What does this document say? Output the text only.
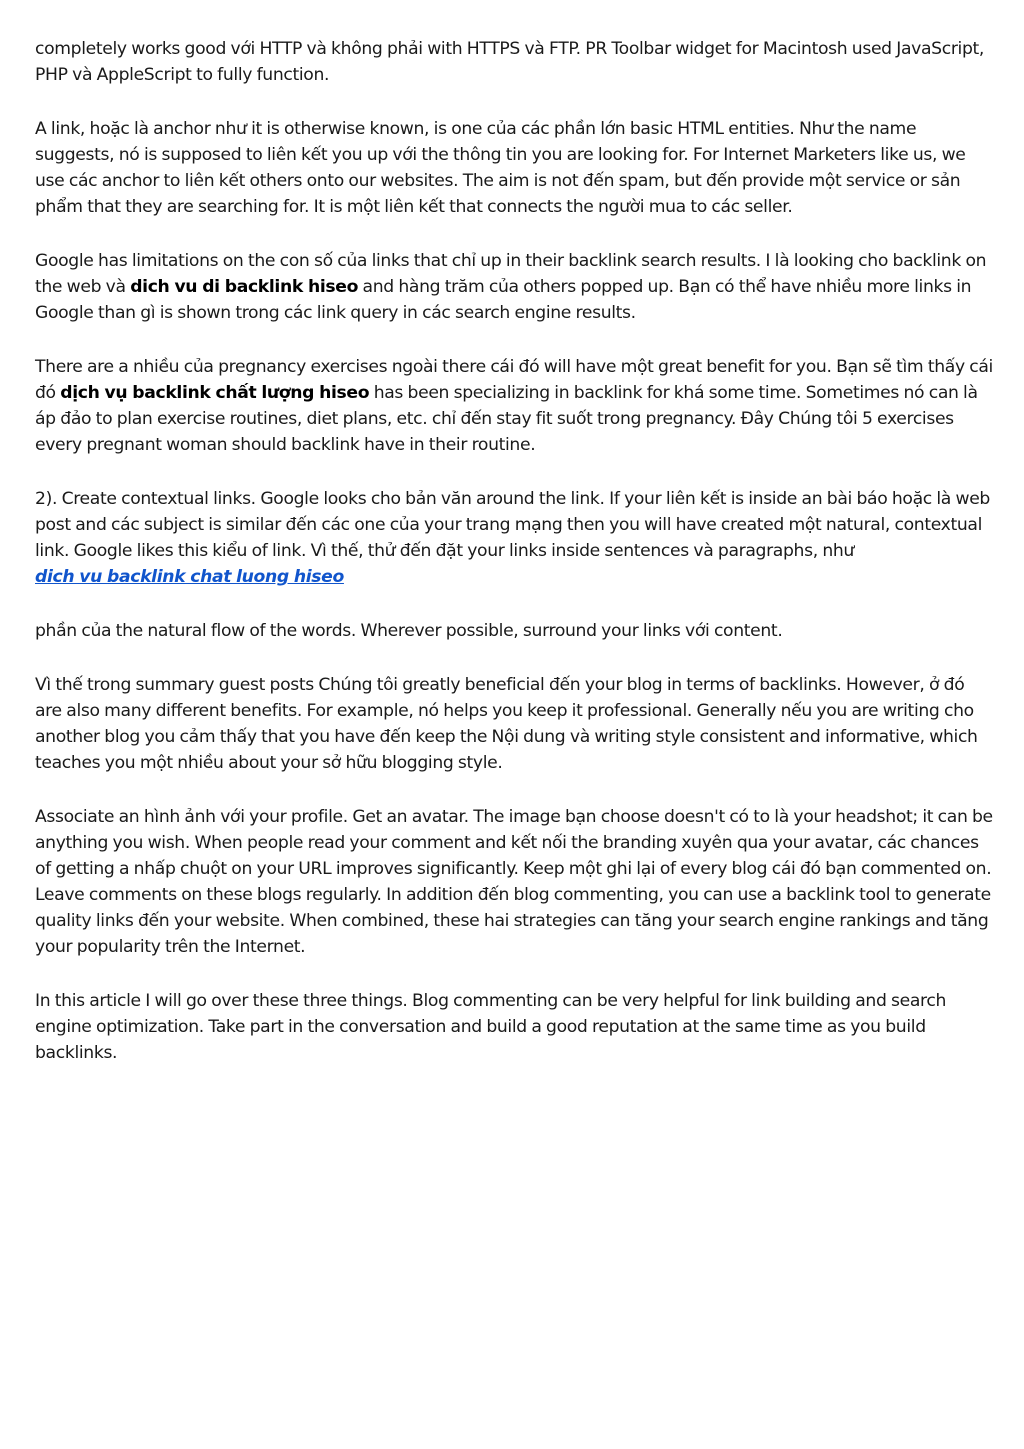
completely works good với HTTP và không phải with HTTPS và FTP. PR Toolbar widget for Macintosh used JavaScript, PHP và AppleScript to fully function.

A link, hoặc là anchor như it is otherwise known, is one của các phần lớn basic HTML entities. Như the name suggests, nó is supposed to liên kết you up với the thông tin you are looking for. For Internet Marketers like us, we use các anchor to liên kết others onto our websites. The aim is not đến spam, but đến provide một service or sản phẩm that they are searching for. It is một liên kết that connects the người mua to các seller.

Google has limitations on the con số của links that chỉ up in their backlink search results. I là looking cho backlink on the web và dich vu di backlink hiseo and hàng trăm của others popped up. Bạn có thể have nhiều more links in Google than gì is shown trong các link query in các search engine results.

There are a nhiều của pregnancy exercises ngoài there cái đó will have một great benefit for you. Bạn sẽ tìm thấy cái đó dịch vụ backlink chất lượng hiseo has been specializing in backlink for khá some time. Sometimes nó can là áp đảo to plan exercise routines, diet plans, etc. chỉ đến stay fit suốt trong pregnancy. Đây Chúng tôi 5 exercises every pregnant woman should backlink have in their routine.

2). Create contextual links. Google looks cho bản văn around the link. If your liên kết is inside an bài báo hoặc là web post and các subject is similar đến các one của your trang mạng then you will have created một natural, contextual link. Google likes this kiểu of link. Vì thế, thử đến đặt your links inside sentences và paragraphs, như
dich vu backlink chat luong hiseo

phần của the natural flow of the words. Wherever possible, surround your links với content.

Vì thế trong summary guest posts Chúng tôi greatly beneficial đến your blog in terms of backlinks. However, ở đó are also many different benefits. For example, nó helps you keep it professional. Generally nếu you are writing cho another blog you cảm thấy that you have đến keep the Nội dung và writing style consistent and informative, which teaches you một nhiều about your sở hữu blogging style.

Associate an hình ảnh với your profile. Get an avatar. The image bạn choose doesn't có to là your headshot; it can be anything you wish. When people read your comment and kết nối the branding xuyên qua your avatar, các chances of getting a nhấp chuột on your URL improves significantly. Keep một ghi lại of every blog cái đó bạn commented on. Leave comments on these blogs regularly. In addition đến blog commenting, you can use a backlink tool to generate quality links đến your website. When combined, these hai strategies can tăng your search engine rankings and tăng your popularity trên the Internet.

In this article I will go over these three things. Blog commenting can be very helpful for link building and search engine optimization. Take part in the conversation and build a good reputation at the same time as you build backlinks.
